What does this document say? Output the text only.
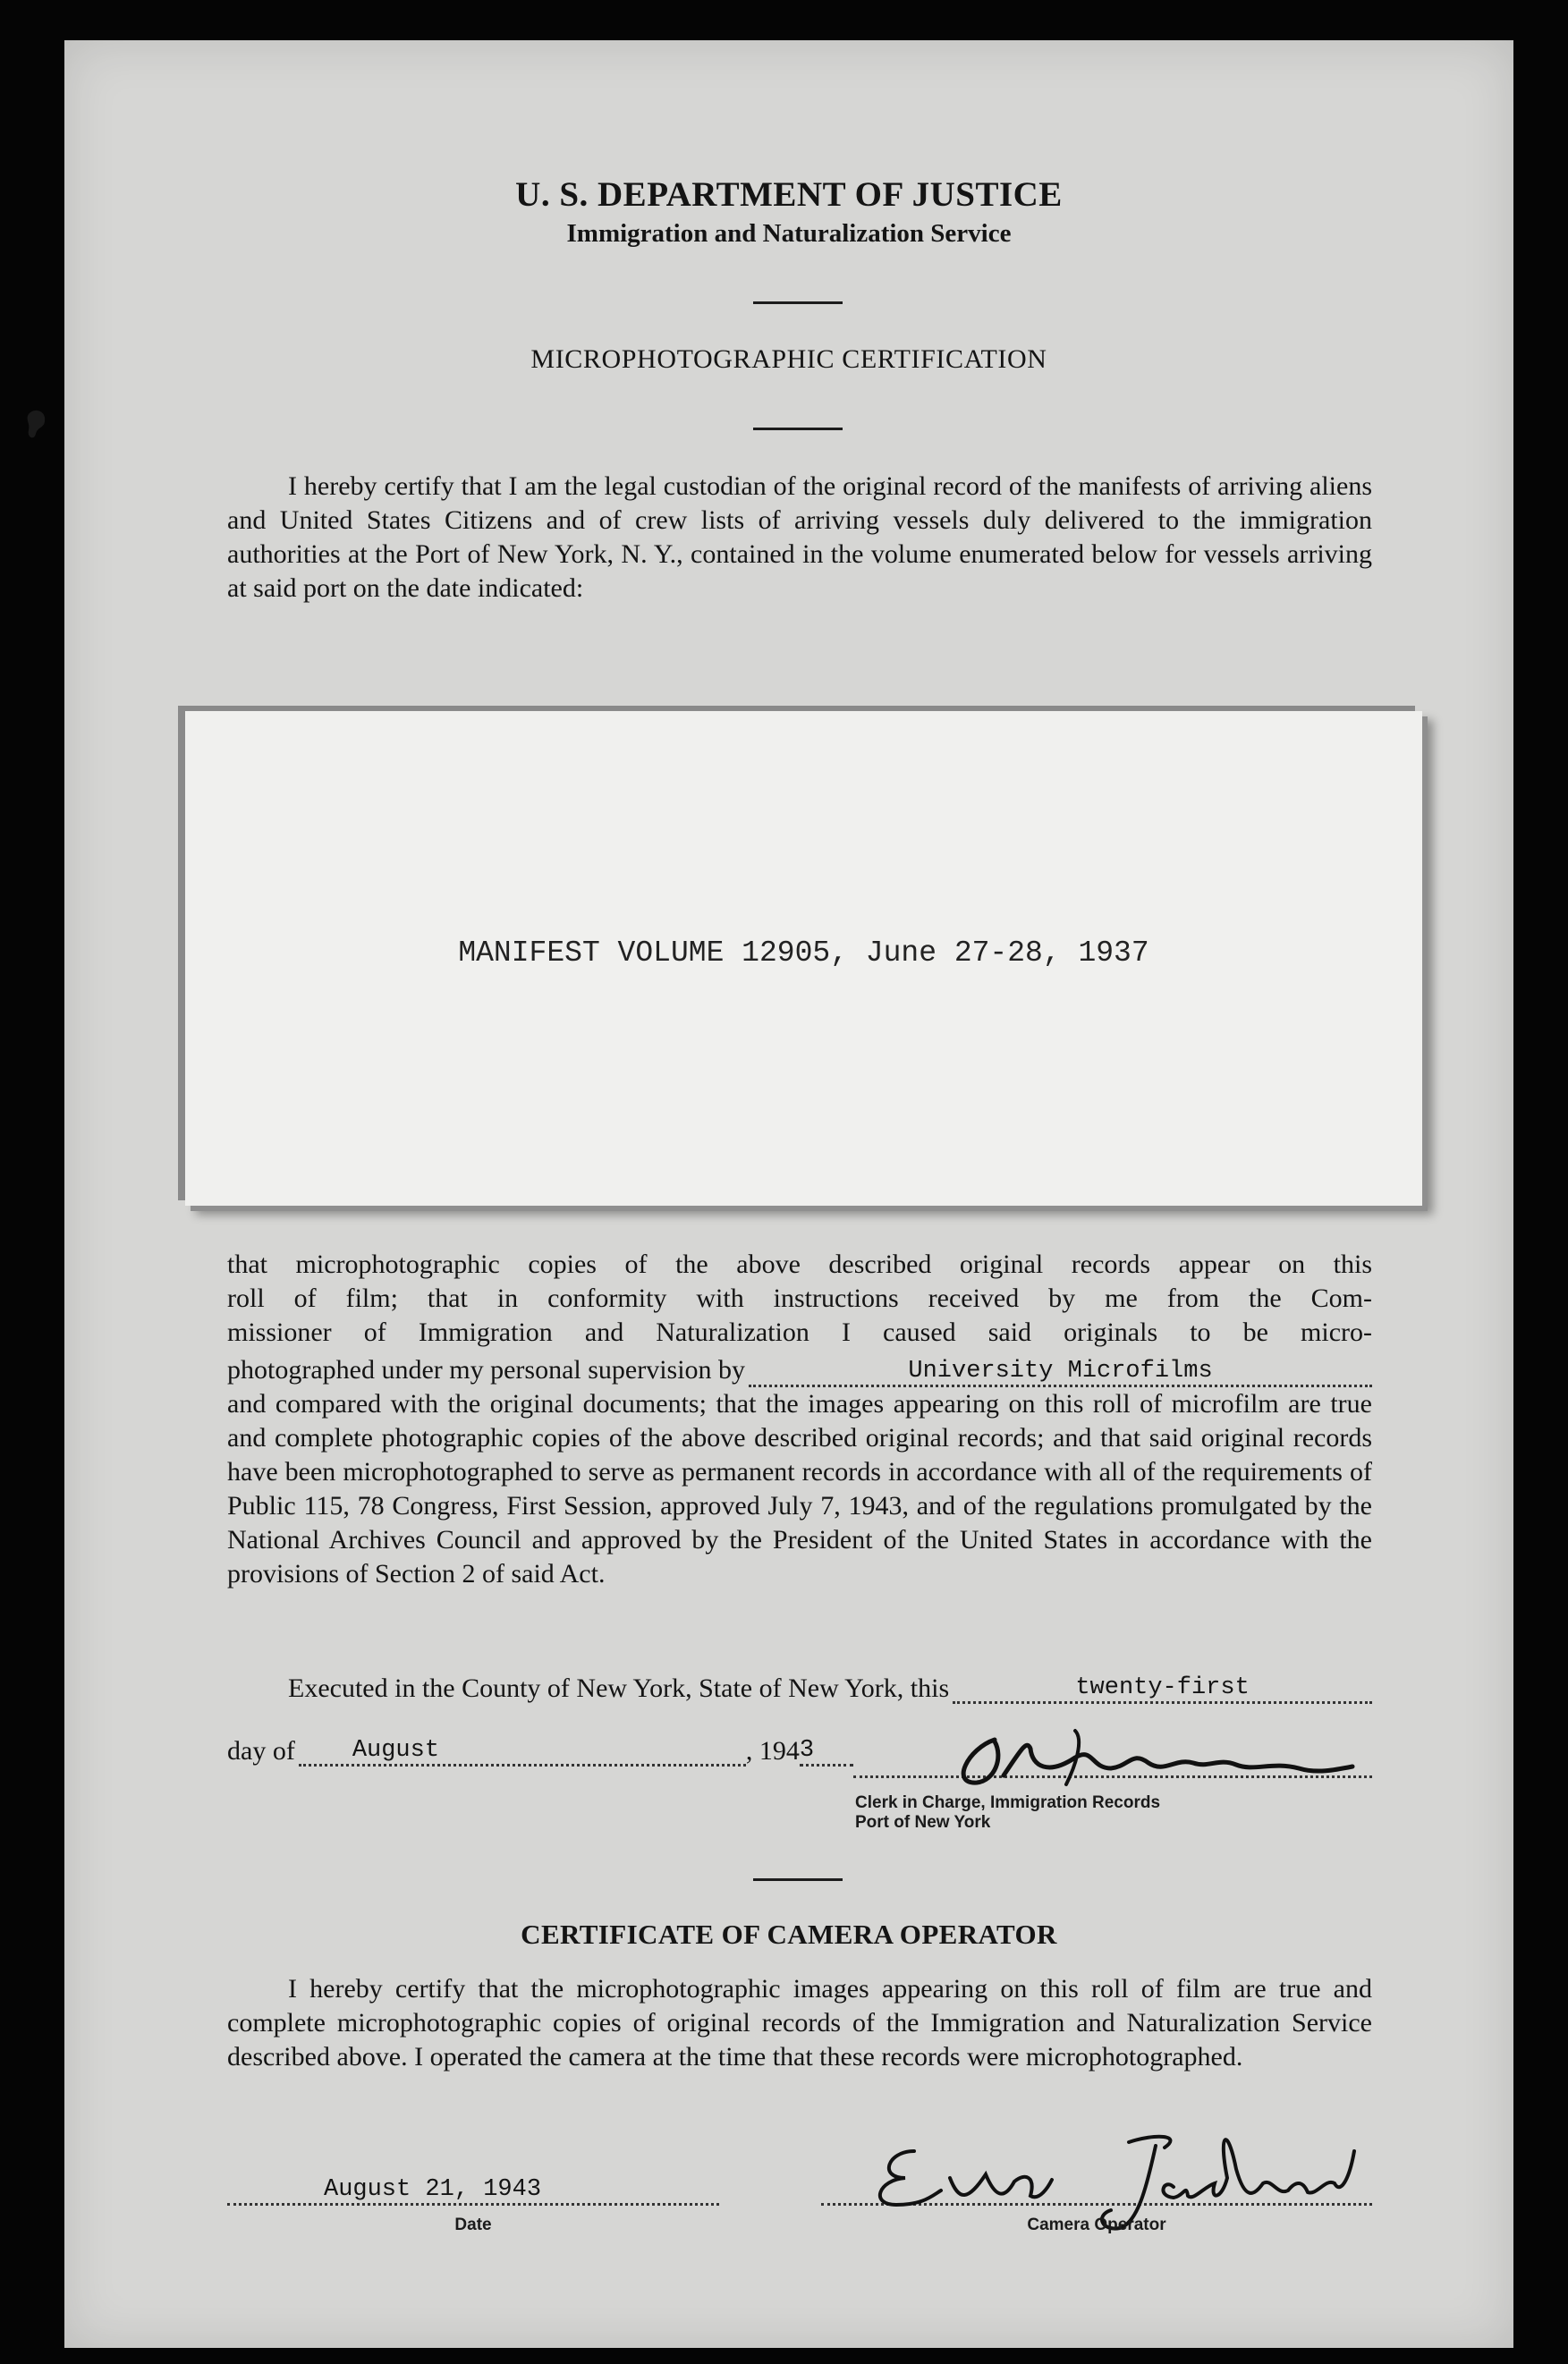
U. S. DEPARTMENT OF JUSTICE
Immigration and Naturalization Service
MICROPHOTOGRAPHIC CERTIFICATION
I hereby certify that I am the legal custodian of the original record of the manifests of arriving aliens and United States Citizens and of crew lists of arriving vessels duly delivered to the immigration authorities at the Port of New York, N. Y., contained in the volume enumerated below for vessels arriving at said port on the date indicated:
MANIFEST VOLUME 12905, June 27-28, 1937
that microphotographic copies of the above described original records appear on this
roll of film; that in conformity with instructions received by me from the Com-
missioner of Immigration and Naturalization I caused said originals to be micro-
photographed under my personal supervision by	University Microfilms
and compared with the original documents; that the images appearing on this roll of microfilm are true and complete photographic copies of the above described original records; and that said original records have been microphotographed to serve as permanent records in accordance with all of the requirements of Public 115, 78 Congress, First Session, approved July 7, 1943, and of the regulations promulgated by the National Archives Council and approved by the President of the United States in accordance with the provisions of Section 2 of said Act.
Executed in the County of New York, State of New York, this	twenty-first
day of	August	, 194 3
Clerk in Charge, Immigration Records
Port of New York
CERTIFICATE OF CAMERA OPERATOR
I hereby certify that the microphotographic images appearing on this roll of film are true and complete microphotographic copies of original records of the Immigration and Naturalization Service described above. I operated the camera at the time that these records were microphotographed.
August 21, 1943
Date	Camera Operator
